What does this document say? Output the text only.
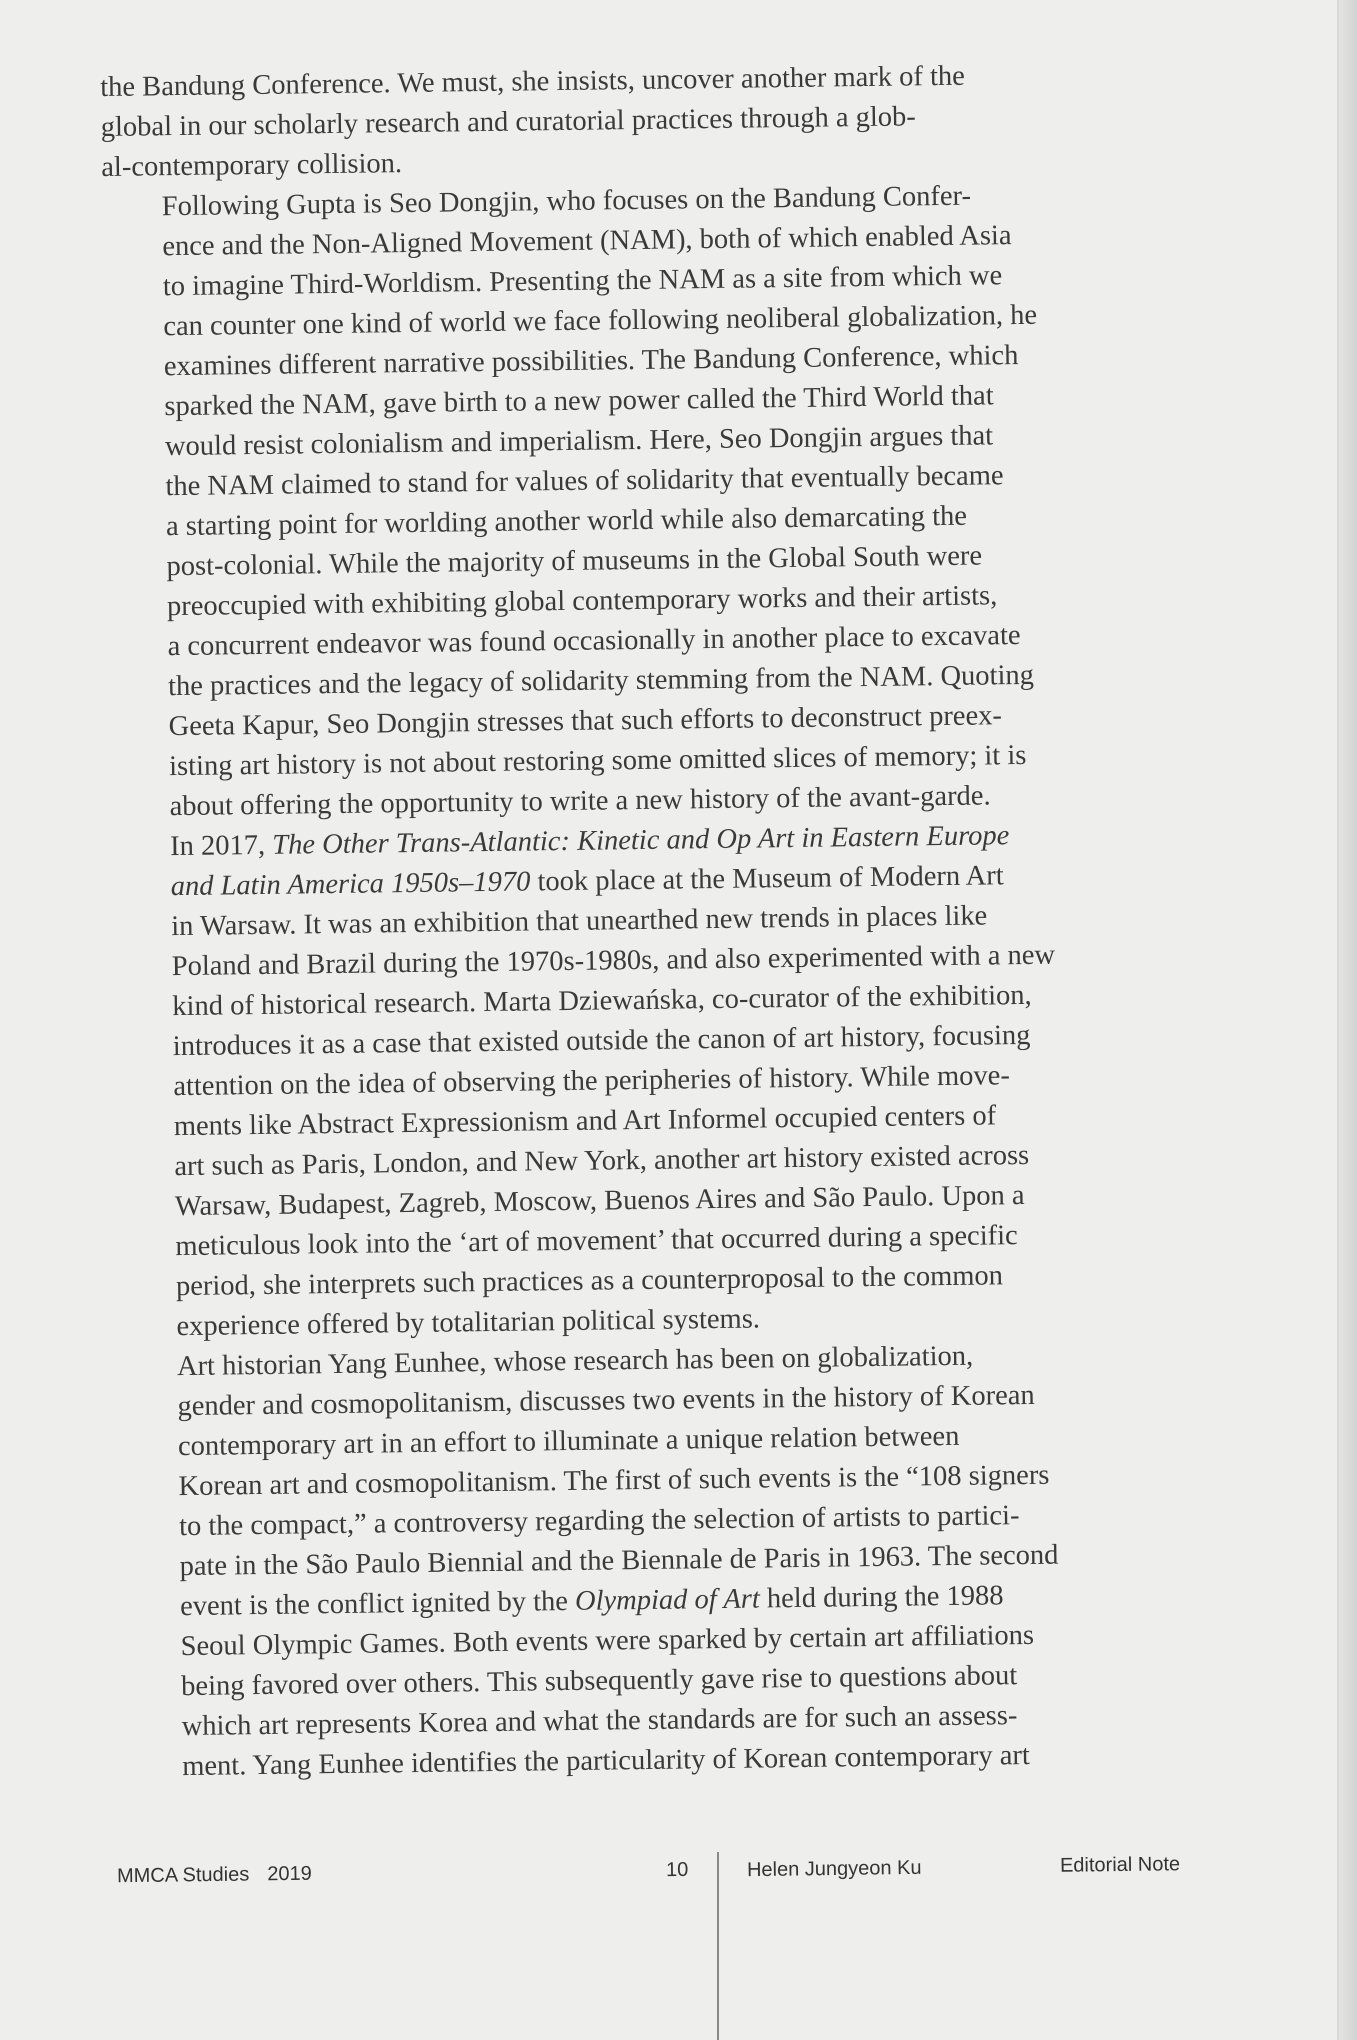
the Bandung Conference. We must, she insists, uncover another mark of the
global in our scholarly research and curatorial practices through a glob-
al-contemporary collision.

Following Gupta is Seo Dongjin, who focuses on the Bandung Confer-
ence and the Non-Aligned Movement (NAM), both of which enabled Asia
to imagine Third-Worldism. Presenting the NAM as a site from which we
can counter one kind of world we face following neoliberal globalization, he
examines different narrative possibilities. The Bandung Conference, which
sparked the NAM, gave birth to a new power called the Third World that
would resist colonialism and imperialism. Here, Seo Dongjin argues that
the NAM claimed to stand for values of solidarity that eventually became
a starting point for worlding another world while also demarcating the
post-colonial. While the majority of museums in the Global South were
preoccupied with exhibiting global contemporary works and their artists,
a concurrent endeavor was found occasionally in another place to excavate
the practices and the legacy of solidarity stemming from the NAM. Quoting
Geeta Kapur, Seo Dongjin stresses that such efforts to deconstruct preex-
isting art history is not about restoring some omitted slices of memory; it is
about offering the opportunity to write a new history of the avant-garde.

In 2017, The Other Trans-Atlantic: Kinetic and Op Art in Eastern Europe
and Latin America 1950s–1970 took place at the Museum of Modern Art
in Warsaw. It was an exhibition that unearthed new trends in places like
Poland and Brazil during the 1970s-1980s, and also experimented with a new
kind of historical research. Marta Dziewańska, co-curator of the exhibition,
introduces it as a case that existed outside the canon of art history, focusing
attention on the idea of observing the peripheries of history. While move-
ments like Abstract Expressionism and Art Informel occupied centers of
art such as Paris, London, and New York, another art history existed across
Warsaw, Budapest, Zagreb, Moscow, Buenos Aires and São Paulo. Upon a
meticulous look into the ‘art of movement’ that occurred during a specific
period, she interprets such practices as a counterproposal to the common
experience offered by totalitarian political systems.

Art historian Yang Eunhee, whose research has been on globalization,
gender and cosmopolitanism, discusses two events in the history of Korean
contemporary art in an effort to illuminate a unique relation between
Korean art and cosmopolitanism. The first of such events is the “108 signers
to the compact,” a controversy regarding the selection of artists to partici-
pate in the São Paulo Biennial and the Biennale de Paris in 1963. The second
event is the conflict ignited by the Olympiad of Art held during the 1988
Seoul Olympic Games. Both events were sparked by certain art affiliations
being favored over others. This subsequently gave rise to questions about
which art represents Korea and what the standards are for such an assess-
ment. Yang Eunhee identifies the particularity of Korean contemporary art

MMCA Studies 2019	10	Helen Jungyeon Ku	Editorial Note
